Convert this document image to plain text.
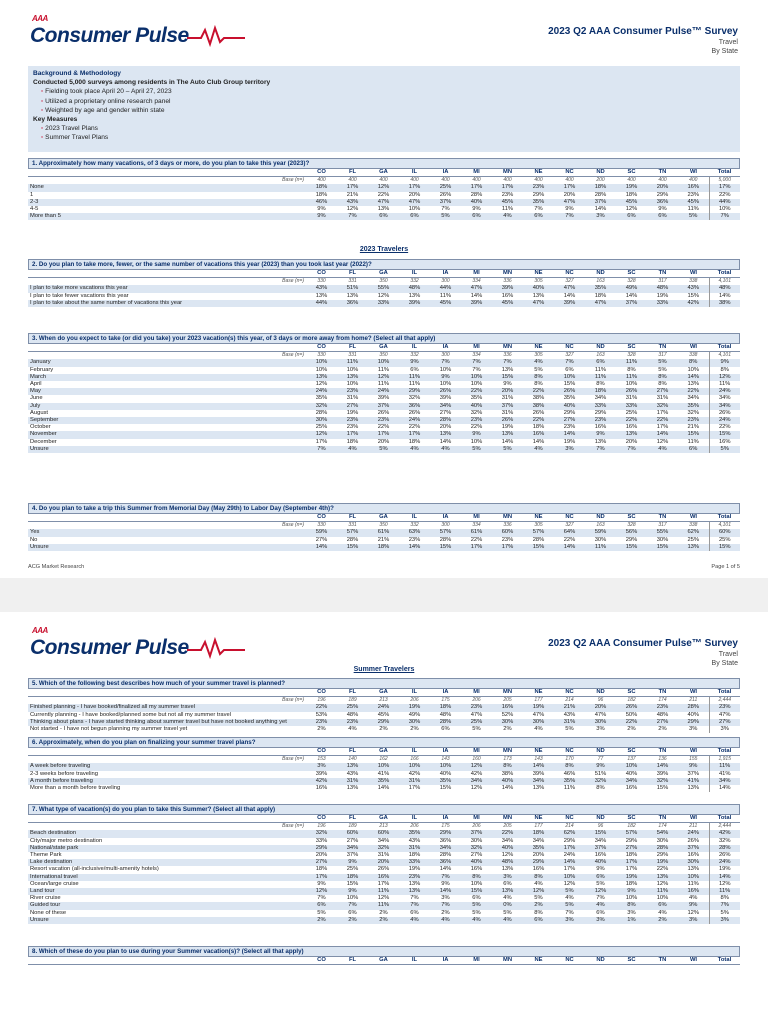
AAA
Consumer Pulse	2023 Q2 AAA Consumer Pulse™ Survey
Travel
By State
Background & Methodology
Conducted 5,000 surveys among residents in The Auto Club Group territory
▫ Fielding took place April 20 – April 27, 2023
▫ Utilized a proprietary online research panel
▫ Weighted by age and gender within state
Key Measures
▫ 2023 Travel Plans
▫ Summer Travel Plans
1. Approximately how many vacations, of 3 days or more, do you plan to take this year (2023)?
	CO	FL	GA	IL	IA	MI	MN	NE	NC	ND	SC	TN	WI	Total
Base (n=)	400	400	400	400	400	400	400	400	400	200	400	400	400	5,000
None	18%	17%	12%	17%	25%	17%	17%	23%	17%	18%	19%	20%	16%	17%
1	18%	21%	22%	20%	26%	28%	23%	29%	20%	28%	18%	29%	23%	22%
2-3	46%	43%	47%	47%	37%	40%	45%	35%	47%	37%	45%	36%	45%	44%
4-5	9%	12%	13%	10%	7%	9%	11%	7%	9%	14%	12%	9%	11%	10%
More than 5	9%	7%	6%	6%	5%	6%	4%	6%	7%	3%	6%	6%	5%	7%
2023 Travelers
2. Do you plan to take more, fewer, or the same number of vacations this year (2023) than you took last year (2022)?
	CO	FL	GA	IL	IA	MI	MN	NE	NC	ND	SC	TN	WI	Total
Base (n=)	330	331	350	332	300	334	336	305	327	163	328	317	338	4,101
I plan to take more vacations this year	43%	51%	55%	48%	44%	47%	39%	40%	47%	35%	49%	48%	43%	48%
I plan to take fewer vacations this year	13%	13%	12%	13%	11%	14%	16%	13%	14%	18%	14%	19%	15%	14%
I plan to take about the same number of vacations this year	44%	36%	33%	39%	45%	39%	45%	47%	39%	47%	37%	33%	42%	38%
3. When do you expect to take (or did you take) your 2023 vacation(s) this year, of 3 days or more away from home? (Select all that apply)
	CO	FL	GA	IL	IA	MI	MN	NE	NC	ND	SC	TN	WI	Total
Base (n=)	330	331	350	332	300	334	336	305	327	163	328	317	338	4,101
January	10%	11%	10%	9%	7%	7%	7%	4%	7%	6%	11%	5%	8%	9%
February	10%	10%	11%	6%	10%	7%	13%	5%	6%	11%	8%	5%	10%	8%
March	13%	13%	12%	11%	9%	10%	15%	8%	10%	11%	11%	8%	14%	12%
April	12%	10%	11%	11%	10%	10%	9%	8%	15%	8%	10%	8%	13%	11%
May	24%	23%	24%	29%	26%	22%	20%	22%	26%	18%	26%	27%	22%	24%
June	35%	31%	39%	32%	39%	35%	31%	38%	35%	34%	31%	31%	34%	34%
July	32%	27%	37%	36%	34%	40%	37%	38%	40%	33%	33%	32%	35%	34%
August	28%	19%	26%	26%	27%	32%	31%	26%	29%	29%	25%	17%	32%	26%
September	30%	23%	23%	24%	28%	23%	26%	22%	27%	23%	22%	22%	23%	24%
October	25%	23%	22%	22%	20%	22%	19%	18%	23%	16%	16%	17%	21%	22%
November	12%	17%	17%	17%	13%	9%	13%	16%	14%	9%	13%	14%	15%	15%
December	17%	18%	20%	18%	14%	10%	14%	14%	19%	13%	20%	12%	11%	16%
Unsure	7%	4%	5%	4%	4%	5%	5%	4%	3%	7%	7%	4%	6%	5%
4. Do you plan to take a trip this Summer from Memorial Day (May 29th) to Labor Day (September 4th)?
	CO	FL	GA	IL	IA	MI	MN	NE	NC	ND	SC	TN	WI	Total
Base (n=)	330	331	350	332	300	334	336	305	327	163	328	317	338	4,101
Yes	59%	57%	61%	63%	57%	61%	60%	57%	64%	59%	56%	55%	62%	60%
No	27%	28%	21%	23%	28%	22%	23%	28%	22%	30%	29%	30%	25%	25%
Unsure	14%	15%	18%	14%	15%	17%	17%	15%	14%	11%	15%	15%	13%	15%
ACG Market Research	Page 1 of 5
AAA
Consumer Pulse	2023 Q2 AAA Consumer Pulse™ Survey
Travel
By State
Summer Travelers
5. Which of the following best describes how much of your summer travel is planned?
	CO	FL	GA	IL	IA	MI	MN	NE	NC	ND	SC	TN	WI	Total
Base (n=)	196	189	213	206	175	206	205	177	214	96	182	174	211	2,444
Finished planning - I have booked/finalized all my summer travel	22%	25%	24%	19%	18%	23%	16%	19%	21%	20%	26%	23%	28%	23%
Currently planning - I have booked/planned some but not all my summer travel	53%	48%	45%	49%	48%	47%	52%	47%	43%	47%	50%	48%	40%	47%
Thinking about plans - I have started thinking about summer travel but have not booked anything yet	23%	23%	29%	30%	28%	25%	30%	30%	31%	30%	22%	27%	29%	27%
Not started - I have not begun planning my summer travel yet	2%	4%	2%	2%	6%	5%	2%	4%	5%	3%	2%	2%	3%	3%
6. Approximately, when do you plan on finalizing your summer travel plans?
	CO	FL	GA	IL	IA	MI	MN	NE	NC	ND	SC	TN	WI	Total
Base (n=)	153	140	162	166	143	160	173	143	170	77	137	136	155	1,915
A week before traveling	3%	13%	10%	10%	10%	12%	8%	14%	8%	9%	10%	14%	9%	11%
2-3 weeks before traveling	39%	43%	41%	42%	40%	42%	38%	39%	46%	51%	40%	39%	37%	41%
A month before traveling	42%	31%	35%	31%	35%	34%	40%	34%	35%	32%	34%	32%	41%	34%
More than a month before traveling	16%	13%	14%	17%	15%	12%	14%	13%	11%	8%	16%	15%	13%	14%
7. What type of vacation(s) do you plan to take this Summer? (Select all that apply)
	CO	FL	GA	IL	IA	MI	MN	NE	NC	ND	SC	TN	WI	Total
Base (n=)	196	189	213	206	175	206	205	177	214	96	182	174	211	2,444
Beach destination	32%	60%	60%	35%	29%	37%	22%	18%	62%	15%	57%	54%	24%	42%
City/major metro destination	33%	27%	34%	43%	36%	30%	34%	34%	29%	34%	29%	30%	26%	32%
National/state park	29%	34%	32%	31%	34%	32%	40%	35%	17%	37%	27%	28%	37%	28%
Theme Park	20%	37%	31%	18%	28%	27%	12%	20%	24%	16%	18%	29%	16%	26%
Lake destination	27%	9%	20%	33%	36%	40%	48%	29%	14%	40%	17%	19%	30%	24%
Resort vacation (all-inclusive/multi-amenity hotels)	18%	25%	26%	19%	14%	16%	13%	16%	17%	9%	17%	22%	13%	19%
International travel	17%	18%	16%	23%	7%	8%	3%	8%	10%	6%	19%	13%	10%	14%
Ocean/large cruise	9%	15%	17%	13%	9%	10%	6%	4%	12%	5%	18%	12%	11%	12%
Land tour	12%	9%	11%	13%	14%	15%	13%	12%	5%	12%	9%	11%	16%	11%
River cruise	7%	10%	12%	7%	3%	6%	4%	5%	4%	7%	10%	10%	4%	8%
Guided tour	6%	7%	11%	7%	7%	5%	0%	2%	5%	4%	8%	6%	9%	7%
None of these	5%	6%	2%	6%	2%	5%	5%	8%	7%	6%	3%	4%	12%	5%
Unsure	2%	2%	2%	4%	4%	4%	4%	6%	3%	3%	1%	2%	3%	3%
8. Which of these do you plan to use during your Summer vacation(s)? (Select all that apply)
	CO	FL	GA	IL	IA	MI	MN	NE	NC	ND	SC	TN	WI	Total
